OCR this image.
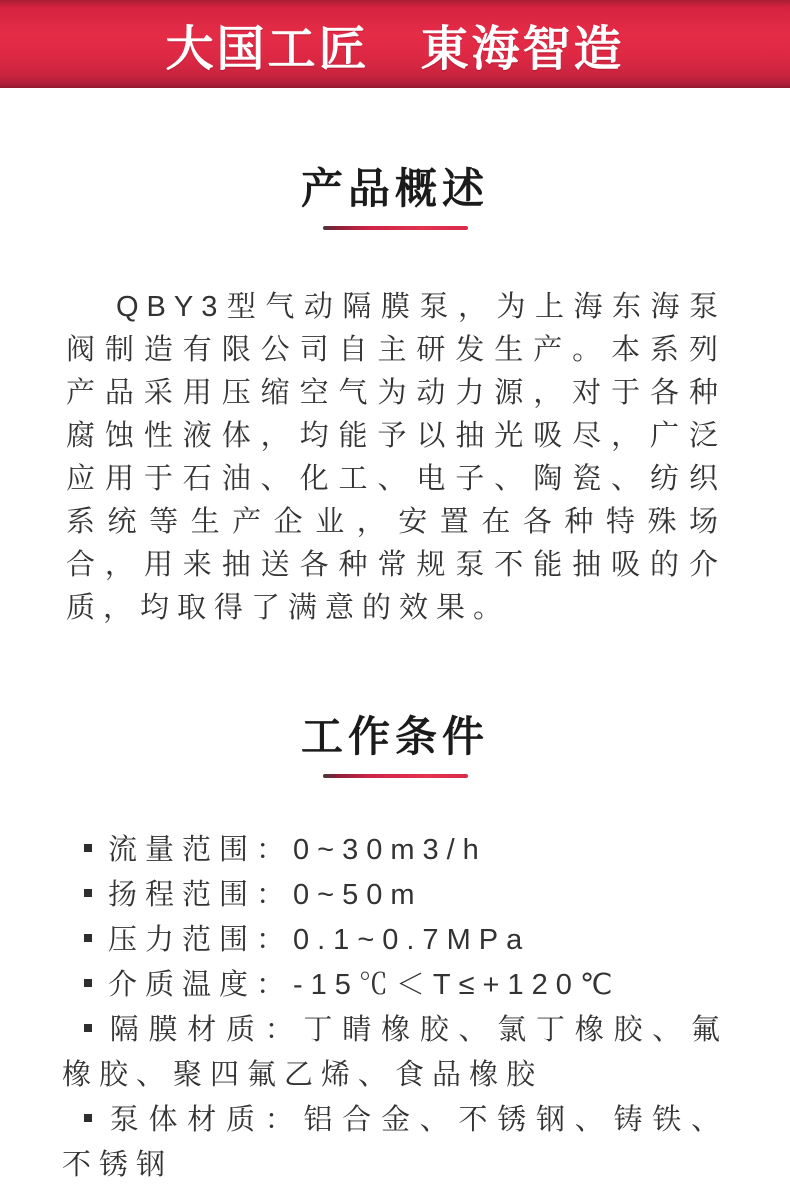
大国工匠　東海智造
产品概述

QBY3型气动隔膜泵，为上海东海泵阀制造有限公司自主研发生产。本系列产品采用压缩空气为动力源，对于各种腐蚀性液体，均能予以抽光吸尽，广泛应用于石油、化工、电子、陶瓷、纺织系统等生产企业，安置在各种特殊场合，用来抽送各种常规泵不能抽吸的介质，均取得了满意的效果。

工作条件
流量范围：0~30m3/h
扬程范围：0~50m
压力范围：0.1~0.7MPa
介质温度：-15℃＜T≤+120℃
隔膜材质：丁睛橡胶、氯丁橡胶、氟橡胶、聚四氟乙烯、食品橡胶
泵体材质：铝合金、不锈钢、铸铁、不锈钢
